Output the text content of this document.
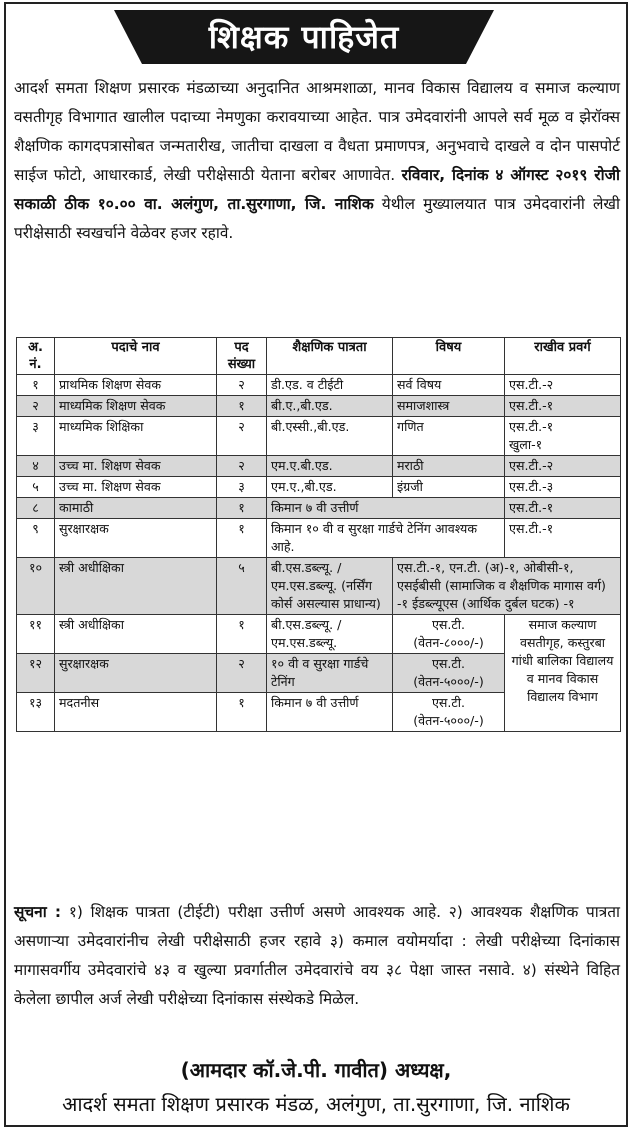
शिक्षक पाहिजेत
आदर्श समता शिक्षण प्रसारक मंडळाच्या अनुदानित आश्रमशाळा, मानव विकास विद्यालय व समाज कल्याण वसतीगृह विभागात खालील पदाच्या नेमणुका करावयाच्या आहेत. पात्र उमेदवारांनी आपले सर्व मूळ व झेरॉक्स शैक्षणिक कागदपत्रासोबत जन्मतारीख, जातीचा दाखला व वैधता प्रमाणपत्र, अनुभवाचे दाखले व दोन पासपोर्ट साईज फोटो, आधारकार्ड, लेखी परीक्षेसाठी येताना बरोबर आणावेत. रविवार, दिनांक ४ ऑगस्ट २०१९ रोजी सकाळी ठीक १०.०० वा. अलंगुण, ता.सुरगाणा, जि. नाशिक येथील मुख्यालयात पात्र उमेदवारांनी लेखी परीक्षेसाठी स्वखर्चाने वेळेवर हजर रहावे.
अ. नं.	पदाचे नाव	पद संख्या	शैक्षणिक पात्रता	विषय	राखीव प्रवर्ग
१	प्राथमिक शिक्षण सेवक	२	डी.एड. व टीईटी	सर्व विषय	एस.टी.-२
२	माध्यमिक शिक्षण सेवक	१	बी.ए.,बी.एड.	समाजशास्त्र	एस.टी.-१
३	माध्यमिक शिक्षिका	२	बी.एस्सी.,बी.एड.	गणित	एस.टी.-१
खुला-१

४	उच्च मा. शिक्षण सेवक	२	एम.ए.बी.एड.	मराठी	एस.टी.-२
५	उच्च मा. शिक्षण सेवक	३	एम.ए.,बी.एड.	इंग्रजी	एस.टी.-३
८	कामाठी	१	किमान ७ वी उत्तीर्ण		एस.टी.-१
९	सुरक्षारक्षक	१	किमान १० वी व सुरक्षा गार्डचे टेनिंग आवश्यक आहे.		एस.टी.-१
१०	स्त्री अधीक्षिका	५	बी.एस.डब्ल्यू. / एम.एस.डब्ल्यू. (नर्सिंग कोर्स असल्यास प्राधान्य)	एस.टी.-१, एन.टी. (अ)-१, ओबीसी-१, एसईबीसी (सामाजिक व शैक्षणिक मागास वर्ग) -१ ईडब्ल्यूएस (आर्थिक दुर्बल घटक) -१	
११	स्त्री अधीक्षिका	१	बी.एस.डब्ल्यू. / एम.एस.डब्ल्यू.	एस.टी. (वेतन-८०००/-)	समाज कल्याण वसतीगृह, कस्तुरबा गांधी बालिका विद्यालय व मानव विकास विद्यालय विभाग
१२	सुरक्षारक्षक	२	१० वी व सुरक्षा गार्डचे टेनिंग	एस.टी. (वेतन-५०००/-)	
१३	मदतनीस	१	किमान ७ वी उत्तीर्ण	एस.टी. (वेतन-५०००/-)	
सूचना : १) शिक्षक पात्रता (टीईटी) परीक्षा उत्तीर्ण असणे आवश्यक आहे. २) आवश्यक शैक्षणिक पात्रता असणाऱ्या उमेदवारांनीच लेखी परीक्षेसाठी हजर रहावे ३) कमाल वयोमर्यादा : लेखी परीक्षेच्या दिनांकास मागासवर्गीय उमेदवारांचे ४३ व खुल्या प्रवर्गातील उमेदवारांचे वय ३८ पेक्षा जास्त नसावे. ४) संस्थेने विहित केलेला छापील अर्ज लेखी परीक्षेच्या दिनांकास संस्थेकडे मिळेल.
(आमदार कॉ.जे.पी. गावीत) अध्यक्ष,
आदर्श समता शिक्षण प्रसारक मंडळ, अलंगुण, ता.सुरगाणा, जि. नाशिक
